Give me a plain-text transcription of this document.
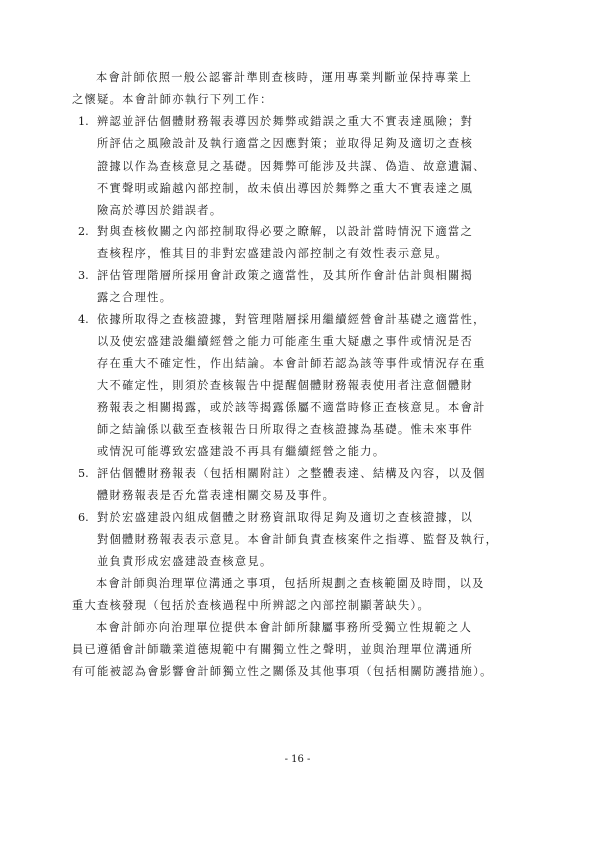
本會計師依照一般公認審計準則查核時，運用專業判斷並保持專業上
之懷疑。本會計師亦執行下列工作：
1. 辨認並評估個體財務報表導因於舞弊或錯誤之重大不實表達風險；對
所評估之風險設計及執行適當之因應對策；並取得足夠及適切之查核
證據以作為查核意見之基礎。因舞弊可能涉及共謀、偽造、故意遺漏、
不實聲明或踰越內部控制，故未偵出導因於舞弊之重大不實表達之風
險高於導因於錯誤者。
2. 對與查核攸關之內部控制取得必要之瞭解，以設計當時情況下適當之
查核程序，惟其目的非對宏盛建設內部控制之有效性表示意見。
3. 評估管理階層所採用會計政策之適當性，及其所作會計估計與相關揭
露之合理性。
4. 依據所取得之查核證據，對管理階層採用繼續經營會計基礎之適當性，
以及使宏盛建設繼續經營之能力可能產生重大疑慮之事件或情況是否
存在重大不確定性，作出結論。本會計師若認為該等事件或情況存在重
大不確定性，則須於查核報告中提醒個體財務報表使用者注意個體財
務報表之相關揭露，或於該等揭露係屬不適當時修正查核意見。本會計
師之結論係以截至查核報告日所取得之查核證據為基礎。惟未來事件
或情況可能導致宏盛建設不再具有繼續經營之能力。
5. 評估個體財務報表（包括相關附註）之整體表達、結構及內容，以及個
體財務報表是否允當表達相關交易及事件。
6. 對於宏盛建設內組成個體之財務資訊取得足夠及適切之查核證據，以
對個體財務報表表示意見。本會計師負責查核案件之指導、監督及執行，
並負責形成宏盛建設查核意見。
本會計師與治理單位溝通之事項，包括所規劃之查核範圍及時間，以及
重大查核發現（包括於查核過程中所辨認之內部控制顯著缺失）。
本會計師亦向治理單位提供本會計師所隸屬事務所受獨立性規範之人
員已遵循會計師職業道德規範中有關獨立性之聲明，並與治理單位溝通所
有可能被認為會影響會計師獨立性之關係及其他事項（包括相關防護措施）。
- 16 -
